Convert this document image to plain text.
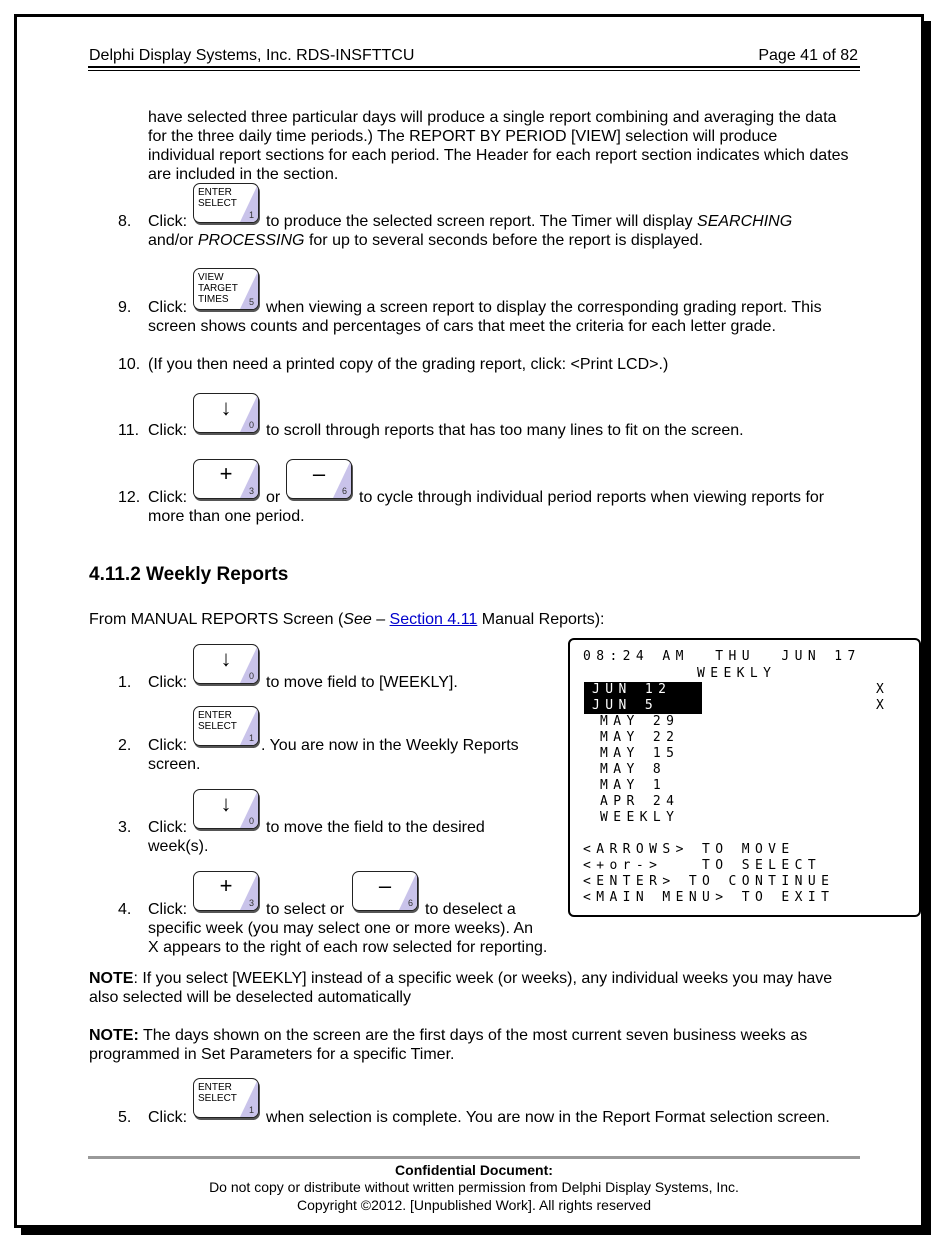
Delphi Display Systems, Inc. RDS-INSFTTCU	Page 41 of 82
have selected three particular days will produce a single report combining and averaging the data
for the three daily time periods.) The REPORT BY PERIOD [VIEW] selection will produce
individual report sections for each period. The Header for each report section indicates which dates
are included in the section.
8. Click:
ENTER
SELECT
1 to produce the selected screen report. The Timer will display SEARCHING
and/or PROCESSING for up to several seconds before the report is displayed.
9. Click:
VIEW
TARGET
TIMES	5 when viewing a screen report to display the corresponding grading report. This
screen shows counts and percentages of cars that meet the criteria for each letter grade.
10. (If you then need a printed copy of the grading report, click: <Print LCD>.)
11. Click:
↓
0 to scroll through reports that has too many lines to fit on the screen.
12. Click:
+
3 or
–
6 to cycle through individual period reports when viewing reports for
more than one period.
4.11.2 Weekly Reports
From MANUAL REPORTS Screen (See – Section 4.11 Manual Reports):
1. Click:
↓
0 to move field to [WEEKLY].
2. Click:
ENTER
SELECT
1 . You are now in the Weekly Reports
screen.
3. Click:
↓
0 to move the field to the desired
week(s).
4. Click:
+
3 to select or
–
6 to deselect a
specific week (you may select one or more weeks). An
X appears to the right of each row selected for reporting.
08:24 AM  THU  JUN 17
WEEKLY
JUN 12	X
JUN 5	X
MAY 29
MAY 22
MAY 15
MAY 8
MAY 1
APR 24
WEEKLY
<ARROWS> TO MOVE
<+or->   TO SELECT
<ENTER> TO CONTINUE
<MAIN MENU> TO EXIT
NOTE: If you select [WEEKLY] instead of a specific week (or weeks), any individual weeks you may have
also selected will be deselected automatically
NOTE: The days shown on the screen are the first days of the most current seven business weeks as
programmed in Set Parameters for a specific Timer.
5. Click:
ENTER
SELECT
1 when selection is complete. You are now in the Report Format selection screen.
Confidential Document:
Do not copy or distribute without written permission from Delphi Display Systems, Inc.
Copyright ©2012. [Unpublished Work]. All rights reserved
